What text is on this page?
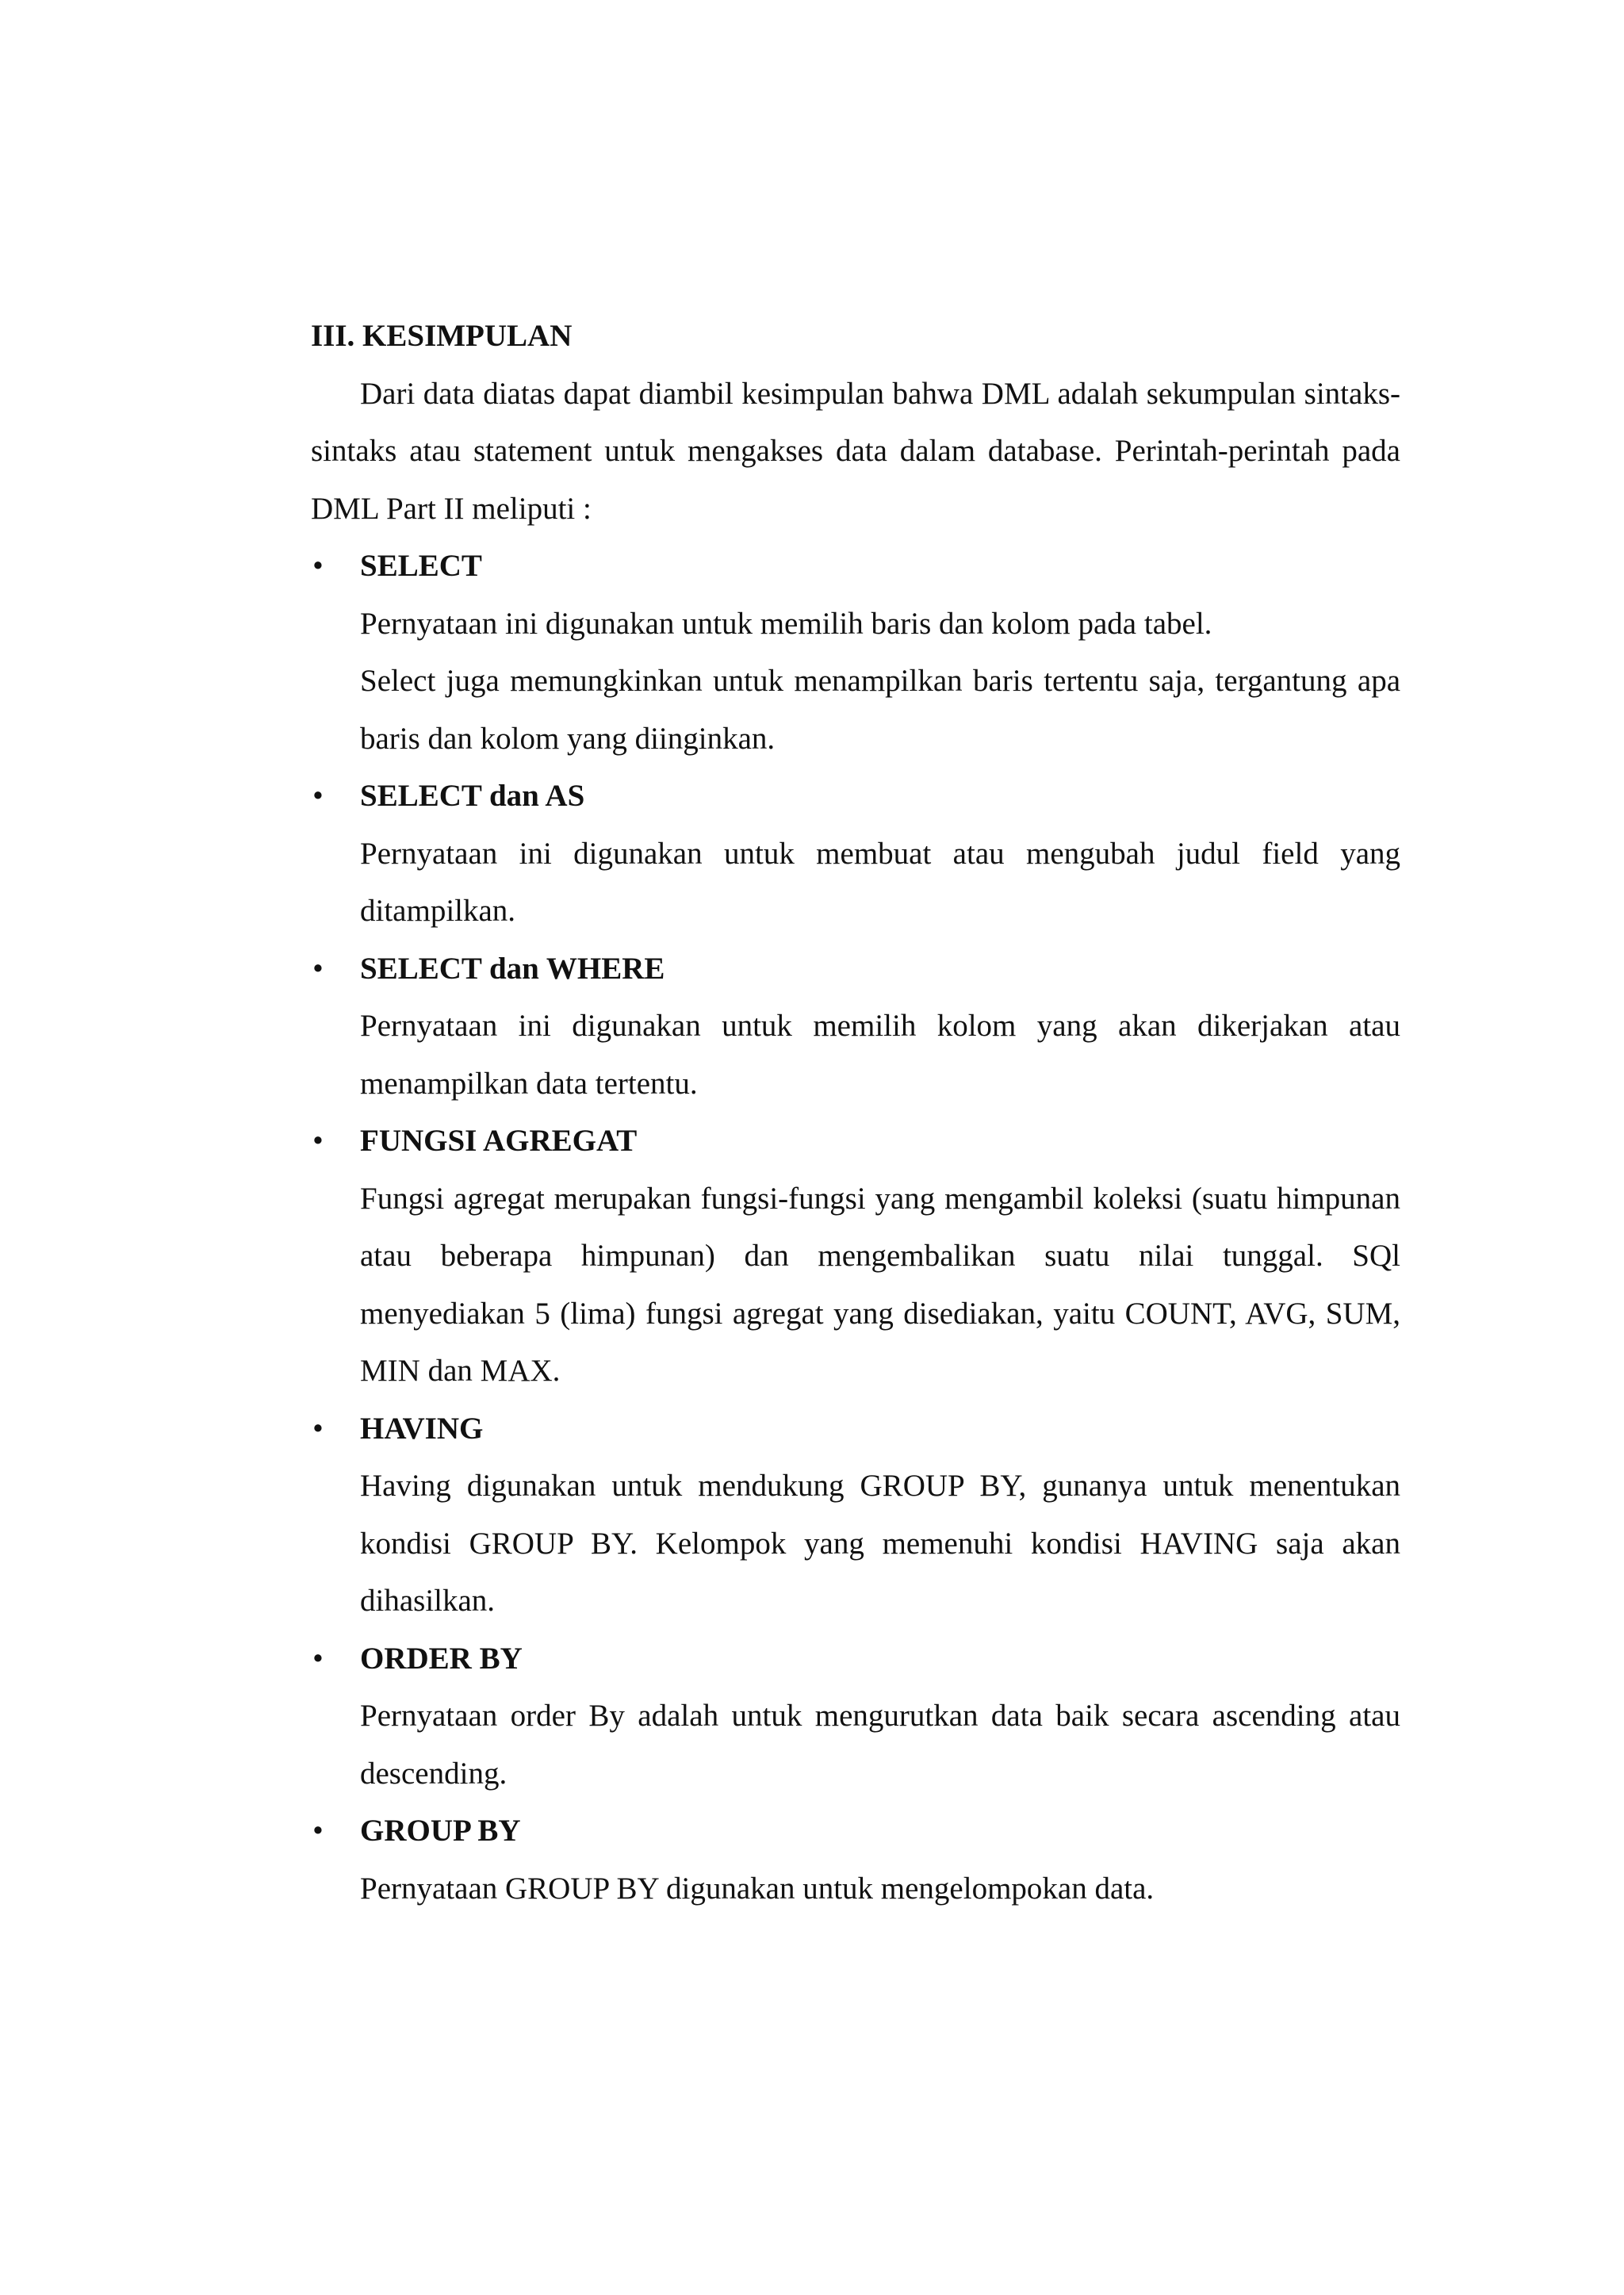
III. KESIMPULAN

Dari data diatas dapat diambil kesimpulan bahwa DML adalah sekumpulan sintaks-sintaks atau statement untuk mengakses data dalam database. Perintah-perintah pada DML Part II meliputi :

• SELECT

Pernyataan ini digunakan untuk memilih baris dan kolom pada tabel.

Select juga memungkinkan untuk menampilkan baris tertentu saja, tergantung apa baris dan kolom yang diinginkan.

• SELECT dan AS

Pernyataan ini digunakan untuk membuat atau mengubah judul field yang ditampilkan.

• SELECT dan WHERE

Pernyataan ini digunakan untuk memilih kolom yang akan dikerjakan atau menampilkan data tertentu.

• FUNGSI AGREGAT

Fungsi agregat merupakan fungsi-fungsi yang mengambil koleksi (suatu himpunan atau beberapa himpunan) dan mengembalikan suatu nilai tunggal. SQl menyediakan 5 (lima) fungsi agregat yang disediakan, yaitu COUNT, AVG, SUM, MIN dan MAX.

• HAVING

Having digunakan untuk mendukung GROUP BY, gunanya untuk menentukan kondisi GROUP BY. Kelompok yang memenuhi kondisi HAVING saja akan dihasilkan.

• ORDER BY

Pernyataan order By adalah untuk mengurutkan data baik secara ascending atau descending.

• GROUP BY

Pernyataan GROUP BY digunakan untuk mengelompokan data.
